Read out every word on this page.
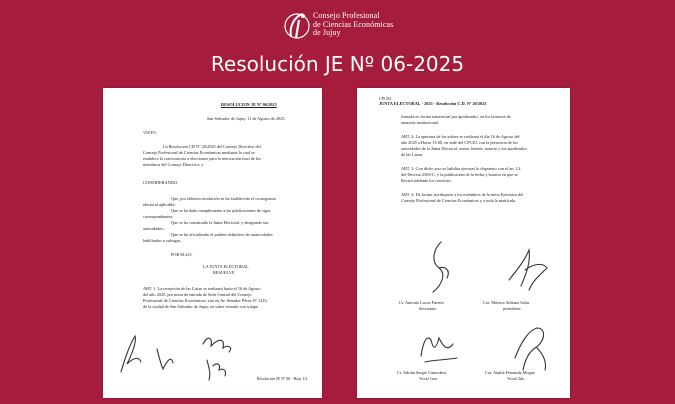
Consejo Profesional
de Ciencias Económicas
de Jujuy
Resolución JE Nº 06-2025
RESOLUCION JE Nº 06/2025
San Salvador de Jujuy, 11 de Agosto de 2025.
VISTO:
La Resolución CD Nº 20/2025 del Consejo Directivo del
Consejo Profesional de Ciencias Económicas mediante la cual se
establece la convocatoria a elecciones para la renovación total de los
miembros del Consejo Directivo; y
CONSIDERANDO:
Que, por idéntica resolución se ha establecido el cronograma
electoral aplicable;
Que se ha dado cumplimiento a las publicaciones de rigor
correspondientes;
Que se ha constituido la Junta Electoral, y designado sus
autoridades;
Que se ha oficializado el padrón definitivo de matriculados
habilitados a sufragar;
POR ELLO;
LA JUNTA ELECTORAL
RESUELVE
ART. 1: La recepción de las Listas se realizará hasta el 16 de Agosto
del año 2025, por mesa de entrada de Sede Central del Consejo
Profesional de Ciencias Económicas, sito en Av. Senador Pérez Nº 1216,
de la ciudad de San Salvador de Jujuy, en sobre cerrado con solapa
Resolución JE Nº 06 - Hoja 1/2
CPCEJ
JUNTA ELECTORAL - 2025 - Resolución C.D. Nº 20/2025
firmada en forma transversal por apoderados, en los horarios de
atención institucional.
ART. 2: La apertura de los sobres se realizará el día 16 de Agosto del
año 2025 a Horas 13:00, en sede del CPCEJ, con la presencia de los
autoridades de la Junta Electoral, asesor letrado, notario y los apoderados
de las Listas.
ART. 3: Con dicho acto se habilita ejecutar lo dispuesto con el art. 13,
del Decreto 2506-C, y la publicación de la fecha y horario en que se
llevará adelante los comicios.
ART. 4: De forma, notifíquese a los miembros de la mesa Ejecutiva del
Consejo Profesional de Ciencias Económicas y a toda la matrícula.
Cr. Antonio Lucas Fuertes
Secretario
Cra. Mónica Adriana Salas
presidente
Cr. Adrián Sergio Camodeca
Vocal 1ero
Cra. Analía Fernanda Mogue
Vocal 2do.
